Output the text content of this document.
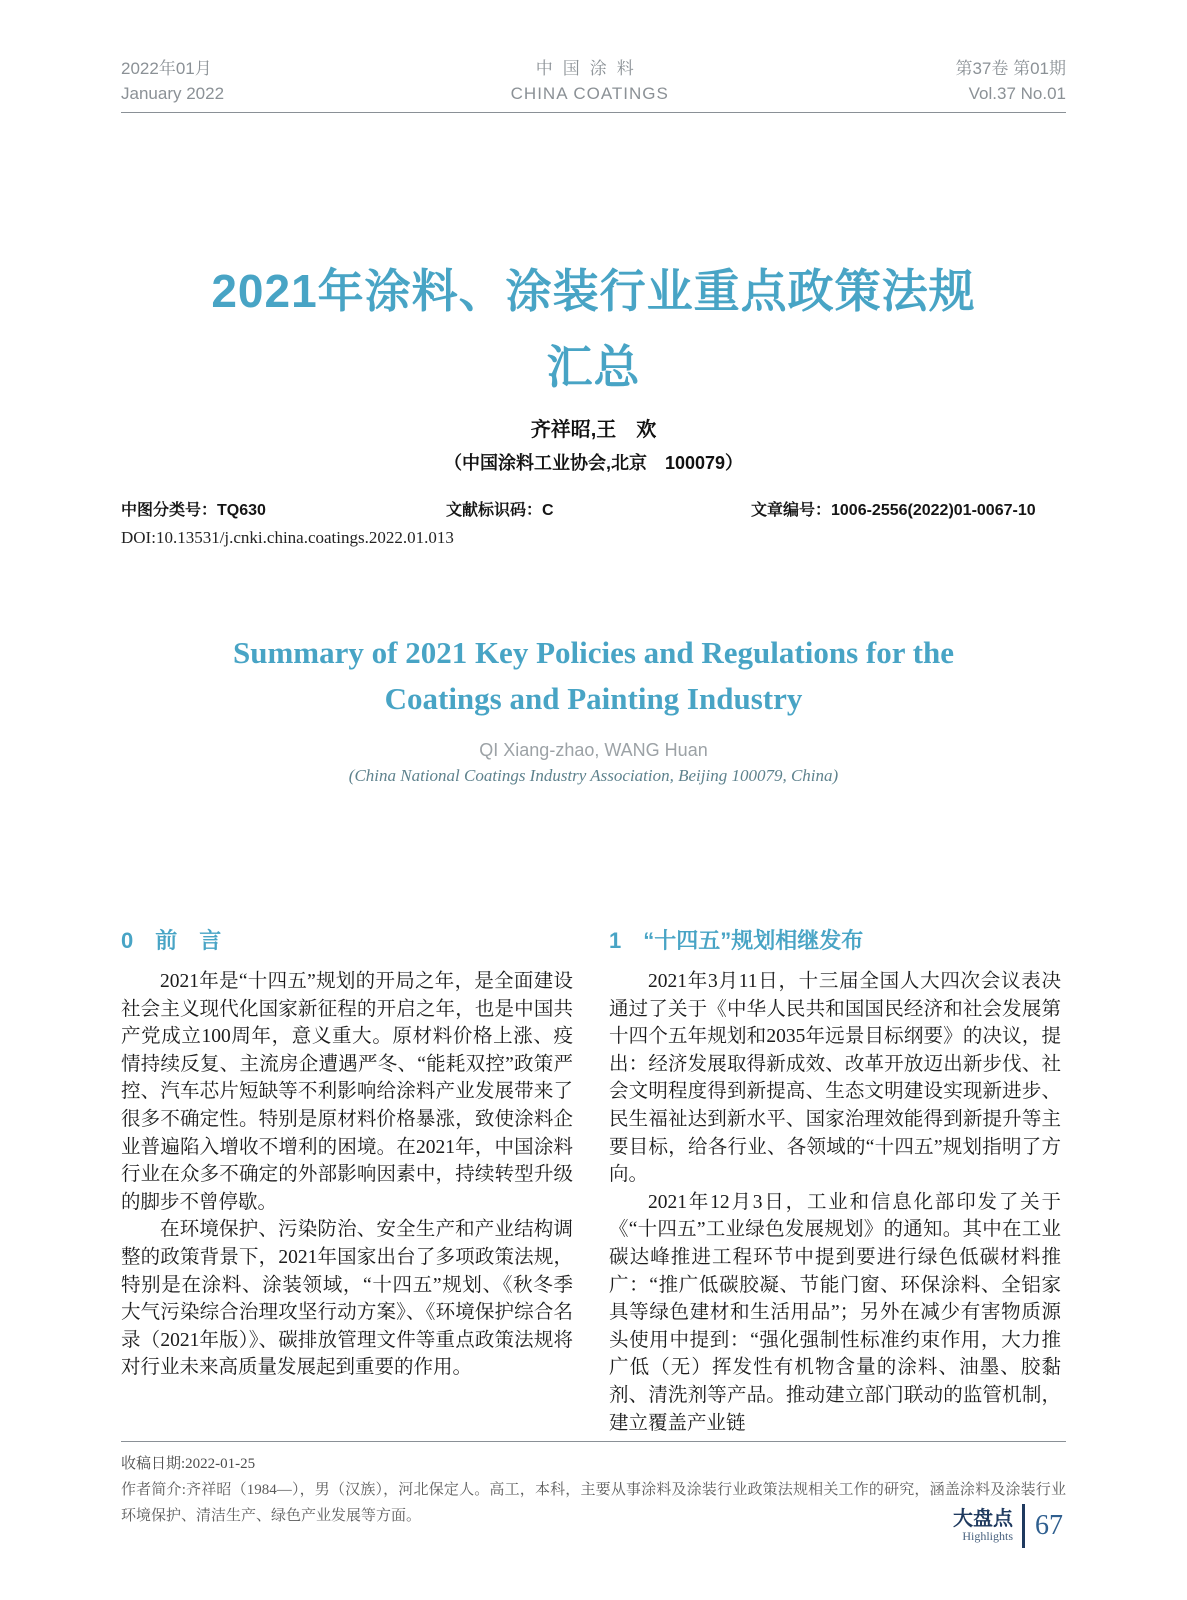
2022年01月
January 2022
中国涂料
CHINA COATINGS
第37卷 第01期
Vol.37 No.01
2021年涂料、涂装行业重点政策法规
汇总
齐祥昭,王　欢
（中国涂料工业协会,北京　100079）
中图分类号：TQ630	文献标识码：C	文章编号：1006-2556(2022)01-0067-10
DOI:10.13531/j.cnki.china.coatings.2022.01.013
Summary of 2021 Key Policies and Regulations for the
Coatings and Painting Industry
QI Xiang-zhao, WANG Huan
(China National Coatings Industry Association, Beijing 100079, China)
0　前　言

2021年是“十四五”规划的开局之年，是全面建设社会主义现代化国家新征程的开启之年，也是中国共产党成立100周年，意义重大。原材料价格上涨、疫情持续反复、主流房企遭遇严冬、“能耗双控”政策严控、汽车芯片短缺等不利影响给涂料产业发展带来了很多不确定性。特别是原材料价格暴涨，致使涂料企业普遍陷入增收不增利的困境。在2021年，中国涂料行业在众多不确定的外部影响因素中，持续转型升级的脚步不曾停歇。

在环境保护、污染防治、安全生产和产业结构调整的政策背景下，2021年国家出台了多项政策法规，特别是在涂料、涂装领域，“十四五”规划、《秋冬季大气污染综合治理攻坚行动方案》、《环境保护综合名录（2021年版）》、碳排放管理文件等重点政策法规将对行业未来高质量发展起到重要的作用。

1　“十四五”规划相继发布

2021年3月11日，十三届全国人大四次会议表决通过了关于《中华人民共和国国民经济和社会发展第十四个五年规划和2035年远景目标纲要》的决议，提出：经济发展取得新成效、改革开放迈出新步伐、社会文明程度得到新提高、生态文明建设实现新进步、民生福祉达到新水平、国家治理效能得到新提升等主要目标，给各行业、各领域的“十四五”规划指明了方向。

2021年12月3日，工业和信息化部印发了关于《“十四五”工业绿色发展规划》的通知。其中在工业碳达峰推进工程环节中提到要进行绿色低碳材料推广：“推广低碳胶凝、节能门窗、环保涂料、全铝家具等绿色建材和生活用品”；另外在减少有害物质源头使用中提到：“强化强制性标准约束作用，大力推广低（无）挥发性有机物含量的涂料、油墨、胶黏剂、清洗剂等产品。推动建立部门联动的监管机制，建立覆盖产业链

收稿日期:2022-01-25
作者简介:齐祥昭（1984—），男（汉族），河北保定人。高工，本科，主要从事涂料及涂装行业政策法规相关工作的研究，涵盖涂料及涂装行业环境保护、清洁生产、绿色产业发展等方面。	大盘点
Highlights 67
